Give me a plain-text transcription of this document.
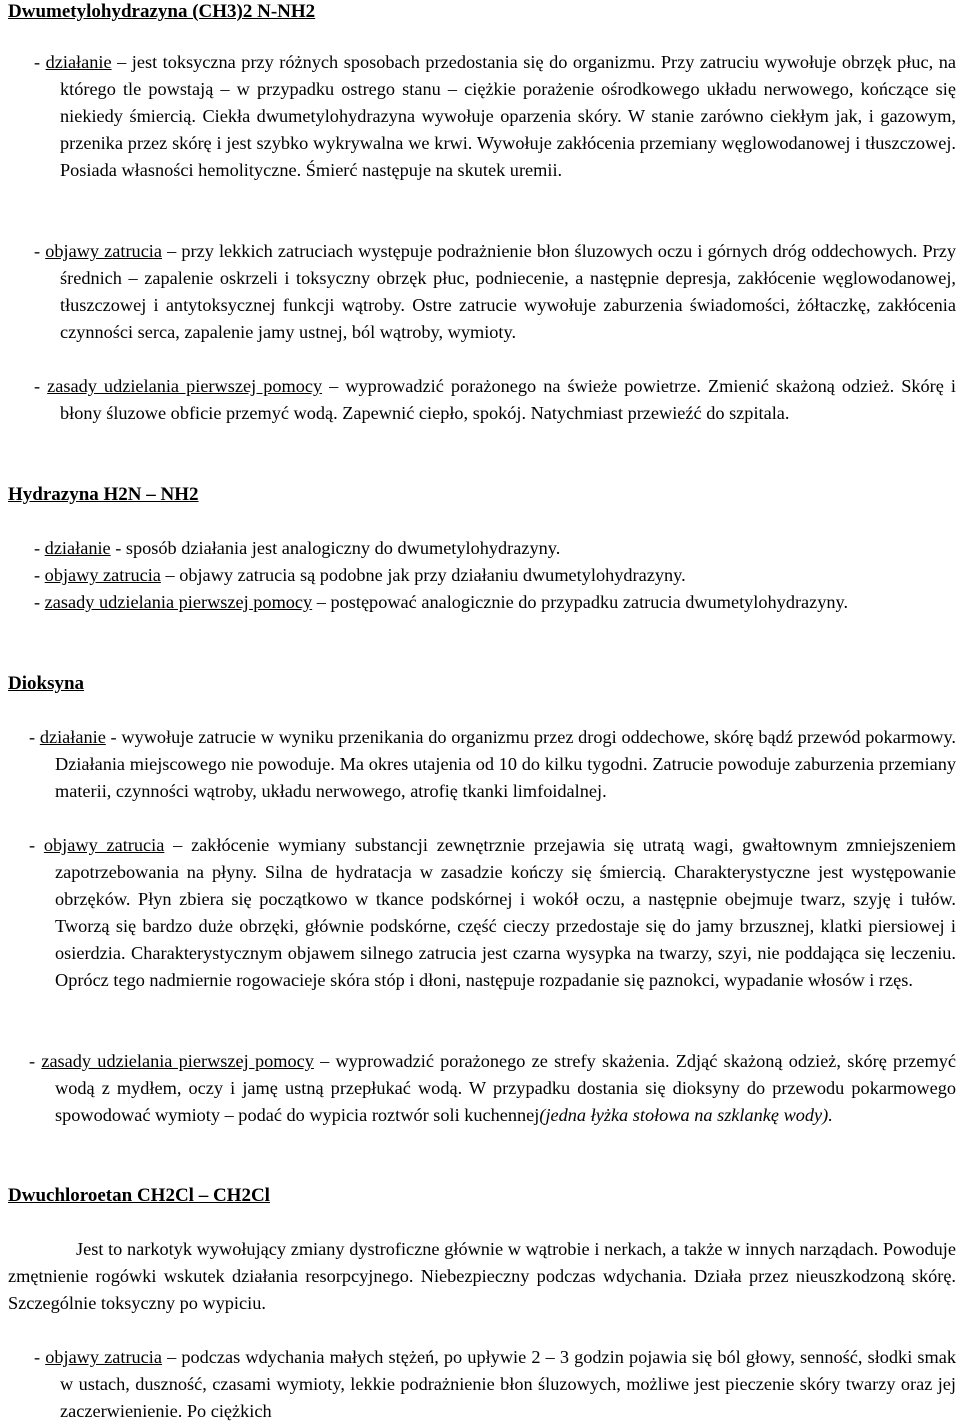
Dwumetylohydrazyna (CH3)2 N-NH2

- działanie – jest toksyczna przy różnych sposobach przedostania się do organizmu. Przy zatruciu wywołuje obrzęk płuc, na którego tle powstają – w przypadku ostrego stanu – ciężkie porażenie ośrodkowego układu nerwowego, kończące się niekiedy śmiercią. Ciekła dwumetylohydrazyna wywołuje oparzenia skóry. W stanie zarówno ciekłym jak, i gazowym, przenika przez skórę i jest szybko wykrywalna we krwi. Wywołuje zakłócenia przemiany węglowodanowej i tłuszczowej. Posiada własności hemolityczne. Śmierć następuje na skutek uremii.

- objawy zatrucia – przy lekkich zatruciach występuje podrażnienie błon śluzowych oczu i górnych dróg oddechowych. Przy średnich – zapalenie oskrzeli i toksyczny obrzęk płuc, podniecenie, a następnie depresja, zakłócenie węglowodanowej, tłuszczowej i antytoksycznej funkcji wątroby. Ostre zatrucie wywołuje zaburzenia świadomości, żółtaczkę, zakłócenia czynności serca, zapalenie jamy ustnej, ból wątroby, wymioty.

- zasady udzielania pierwszej pomocy – wyprowadzić porażonego na świeże powietrze. Zmienić skażoną odzież. Skórę i błony śluzowe obficie przemyć wodą. Zapewnić ciepło, spokój. Natychmiast przewieźć do szpitala.

Hydrazyna H2N – NH2

- działanie - sposób działania jest analogiczny do dwumetylohydrazyny.

- objawy zatrucia – objawy zatrucia są podobne jak przy działaniu dwumetylohydrazyny.

- zasady udzielania pierwszej pomocy – postępować analogicznie do przypadku zatrucia dwumetylohydrazyny.

Dioksyna

- działanie - wywołuje zatrucie w wyniku przenikania do organizmu przez drogi oddechowe, skórę bądź przewód pokarmowy. Działania miejscowego nie powoduje. Ma okres utajenia od 10 do kilku tygodni. Zatrucie powoduje zaburzenia przemiany materii, czynności wątroby, układu nerwowego, atrofię tkanki limfoidalnej.

- objawy zatrucia – zakłócenie wymiany substancji zewnętrznie przejawia się utratą wagi, gwałtownym zmniejszeniem zapotrzebowania na płyny. Silna de hydratacja w zasadzie kończy się śmiercią. Charakterystyczne jest występowanie obrzęków. Płyn zbiera się początkowo w tkance podskórnej i wokół oczu, a następnie obejmuje twarz, szyję i tułów. Tworzą się bardzo duże obrzęki, głównie podskórne, część cieczy przedostaje się do jamy brzusznej, klatki piersiowej i osierdzia. Charakterystycznym objawem silnego zatrucia jest czarna wysypka na twarzy, szyi, nie poddająca się leczeniu. Oprócz tego nadmiernie rogowacieje skóra stóp i dłoni, następuje rozpadanie się paznokci, wypadanie włosów i rzęs.

- zasady udzielania pierwszej pomocy – wyprowadzić porażonego ze strefy skażenia. Zdjąć skażoną odzież, skórę przemyć wodą z mydłem, oczy i jamę ustną przepłukać wodą. W przypadku dostania się dioksyny do przewodu pokarmowego spowodować wymioty – podać do wypicia roztwór soli kuchennej(jedna łyżka stołowa na szklankę wody).

Dwuchloroetan CH2Cl – CH2Cl

Jest to narkotyk wywołujący zmiany dystroficzne głównie w wątrobie i nerkach, a także w innych narządach. Powoduje zmętnienie rogówki wskutek działania resorpcyjnego. Niebezpieczny podczas wdychania. Działa przez nieuszkodzoną skórę. Szczególnie toksyczny po wypiciu.

- objawy zatrucia – podczas wdychania małych stężeń, po upływie 2 – 3 godzin pojawia się ból głowy, senność, słodki smak w ustach, duszność, czasami wymioty, lekkie podrażnienie błon śluzowych, możliwe jest pieczenie skóry twarzy oraz jej zaczerwienienie. Po ciężkich
